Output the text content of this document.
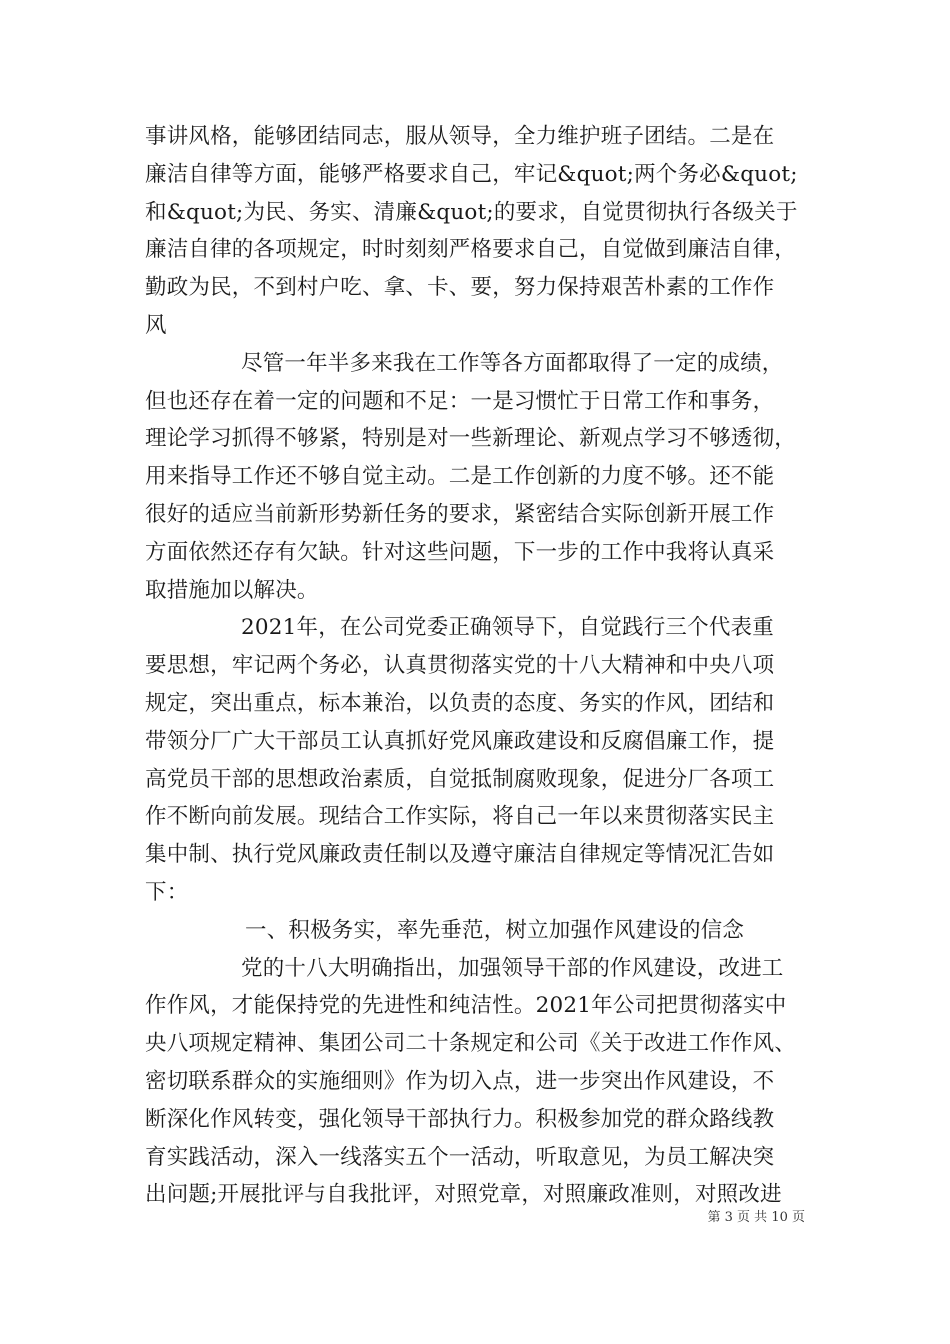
事讲风格，能够团结同志，服从领导，全力维护班子团结。二是在
廉洁自律等方面，能够严格要求自己，牢记&quot;两个务必&quot;
和&quot;为民、务实、清廉&quot;的要求，自觉贯彻执行各级关于
廉洁自律的各项规定，时时刻刻严格要求自己，自觉做到廉洁自律，
勤政为民，不到村户吃、拿、卡、要，努力保持艰苦朴素的工作作
风
尽管一年半多来我在工作等各方面都取得了一定的成绩，
但也还存在着一定的问题和不足：一是习惯忙于日常工作和事务，
理论学习抓得不够紧，特别是对一些新理论、新观点学习不够透彻，
用来指导工作还不够自觉主动。二是工作创新的力度不够。还不能
很好的适应当前新形势新任务的要求，紧密结合实际创新开展工作
方面依然还存有欠缺。针对这些问题，下一步的工作中我将认真采
取措施加以解决。
2021年，在公司党委正确领导下，自觉践行三个代表重
要思想，牢记两个务必，认真贯彻落实党的十八大精神和中央八项
规定，突出重点，标本兼治，以负责的态度、务实的作风，团结和
带领分厂广大干部员工认真抓好党风廉政建设和反腐倡廉工作，提
高党员干部的思想政治素质，自觉抵制腐败现象，促进分厂各项工
作不断向前发展。现结合工作实际，将自己一年以来贯彻落实民主
集中制、执行党风廉政责任制以及遵守廉洁自律规定等情况汇告如
下：
一、积极务实，率先垂范，树立加强作风建设的信念
党的十八大明确指出，加强领导干部的作风建设，改进工
作作风，才能保持党的先进性和纯洁性。2021年公司把贯彻落实中
央八项规定精神、集团公司二十条规定和公司《关于改进工作作风、
密切联系群众的实施细则》作为切入点，进一步突出作风建设，不
断深化作风转变，强化领导干部执行力。积极参加党的群众路线教
育实践活动，深入一线落实五个一活动，听取意见，为员工解决突
出问题;开展批评与自我批评，对照党章，对照廉政准则，对照改进
第 3 页 共 10 页
